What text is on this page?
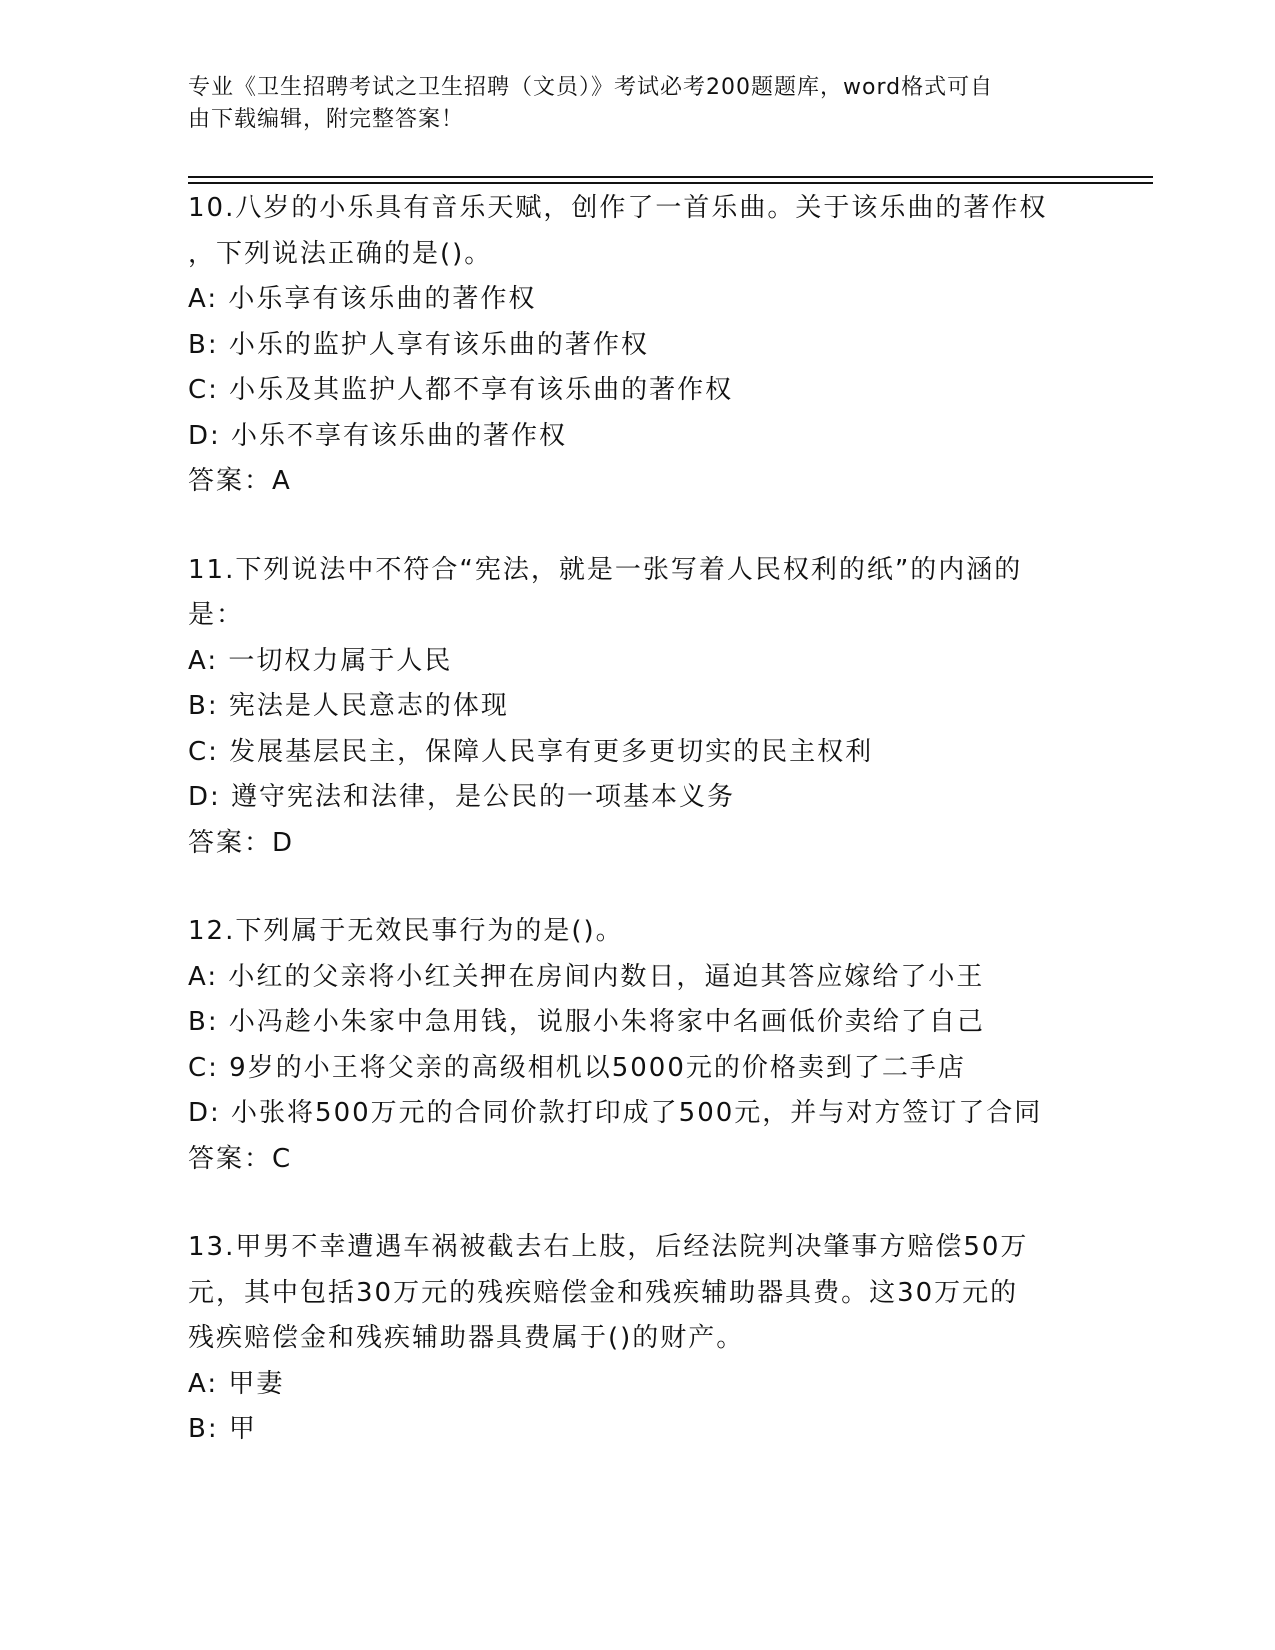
专业《卫生招聘考试之卫生招聘（文员）》考试必考200题题库，word格式可自
由下载编辑，附完整答案！

10.八岁的小乐具有音乐天赋，创作了一首乐曲。关于该乐曲的著作权

，下列说法正确的是()。

A: 小乐享有该乐曲的著作权

B: 小乐的监护人享有该乐曲的著作权

C: 小乐及其监护人都不享有该乐曲的著作权

D: 小乐不享有该乐曲的著作权

答案：A

11.下列说法中不符合“宪法，就是一张写着人民权利的纸”的内涵的

是：

A: 一切权力属于人民

B: 宪法是人民意志的体现

C: 发展基层民主，保障人民享有更多更切实的民主权利

D: 遵守宪法和法律，是公民的一项基本义务

答案：D

12.下列属于无效民事行为的是()。

A: 小红的父亲将小红关押在房间内数日，逼迫其答应嫁给了小王

B: 小冯趁小朱家中急用钱，说服小朱将家中名画低价卖给了自己

C: 9岁的小王将父亲的高级相机以5000元的价格卖到了二手店

D: 小张将500万元的合同价款打印成了500元，并与对方签订了合同

答案：C

13.甲男不幸遭遇车祸被截去右上肢，后经法院判决肇事方赔偿50万

元，其中包括30万元的残疾赔偿金和残疾辅助器具费。这30万元的

残疾赔偿金和残疾辅助器具费属于()的财产。

A: 甲妻

B: 甲
